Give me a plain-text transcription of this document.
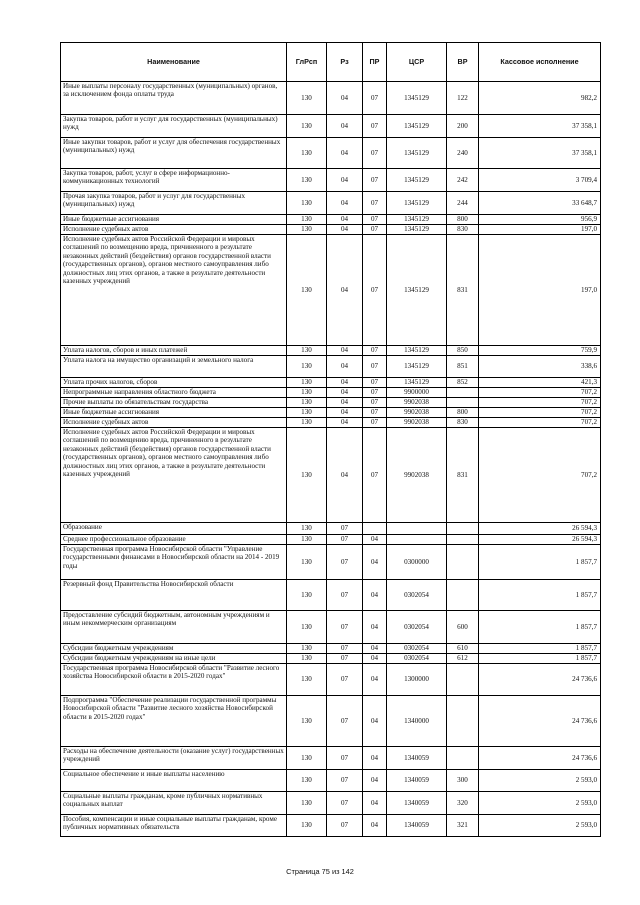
Наименование	ГлРсп	Рз	ПР	ЦСР	ВР	Кассовое исполнение
Иные выплаты персоналу государственных (муниципальных) органов, за исключением фонда оплаты труда	130	04	07	1345129	122	982,2
Закупка товаров, работ и услуг для государственных (муниципальных) нужд	130	04	07	1345129	200	37 358,1
Иные закупки товаров, работ и услуг для обеспечения государственных (муниципальных) нужд	130	04	07	1345129	240	37 358,1
Закупка товаров, работ, услуг в сфере информационно-коммуникационных технологий	130	04	07	1345129	242	3 709,4
Прочая закупка товаров, работ и услуг для государственных (муниципальных) нужд	130	04	07	1345129	244	33 648,7
Иные бюджетные ассигнования	130	04	07	1345129	800	956,9
Исполнение судебных актов	130	04	07	1345129	830	197,0
Исполнение судебных актов Российской Федерации и мировых соглашений по возмещению вреда, причиненного в результате незаконных действий (бездействия) органов государственной власти (государственных органов), органов местного самоуправления либо должностных лиц этих органов, а также в результате деятельности казенных учреждений	130	04	07	1345129	831	197,0
Уплата налогов, сборов и иных платежей	130	04	07	1345129	850	759,9
Уплата налога на имущество организаций и земельного налога	130	04	07	1345129	851	338,6
Уплата прочих налогов, сборов	130	04	07	1345129	852	421,3
Непрограммные направления областного бюджета	130	04	07	9900000		707,2
Прочие выплаты по обязательствам государства	130	04	07	9902038		707,2
Иные бюджетные ассигнования	130	04	07	9902038	800	707,2
Исполнение судебных актов	130	04	07	9902038	830	707,2
Исполнение судебных актов Российской Федерации и мировых соглашений по возмещению вреда, причиненного в результате незаконных действий (бездействия) органов государственной власти (государственных органов), органов местного самоуправления либо должностных лиц этих органов, а также в результате деятельности казенных учреждений	130	04	07	9902038	831	707,2
Образование	130	07				26 594,3
Среднее профессиональное образование	130	07	04			26 594,3
Государственная программа Новосибирской области "Управление государственными финансами в Новосибирской области на 2014 - 2019 годы	130	07	04	0300000		1 857,7
Резервный фонд Правительства Новосибирской области	130	07	04	0302054		1 857,7
Предоставление субсидий бюджетным, автономным учреждениям и иным некоммерческим организациям	130	07	04	0302054	600	1 857,7
Субсидии бюджетным учреждениям	130	07	04	0302054	610	1 857,7
Субсидии бюджетным учреждениям на иные цели	130	07	04	0302054	612	1 857,7
Государственная программа Новосибирской области "Развитие лесного хозяйства Новосибирской области в 2015-2020 годах"	130	07	04	1300000		24 736,6
Подпрограмма "Обеспечение реализации государственной программы Новосибирской области "Развитие лесного хозяйства Новосибирской области в 2015-2020 годах"	130	07	04	1340000		24 736,6
Расходы на обеспечение деятельности (оказание услуг) государственных учреждений	130	07	04	1340059		24 736,6
Социальное обеспечение и иные выплаты населению	130	07	04	1340059	300	2 593,0
Социальные выплаты гражданам, кроме публичных нормативных социальных выплат	130	07	04	1340059	320	2 593,0
Пособия, компенсации и иные социальные выплаты гражданам, кроме публичных нормативных обязательств	130	07	04	1340059	321	2 593,0
Страница 75 из 142
